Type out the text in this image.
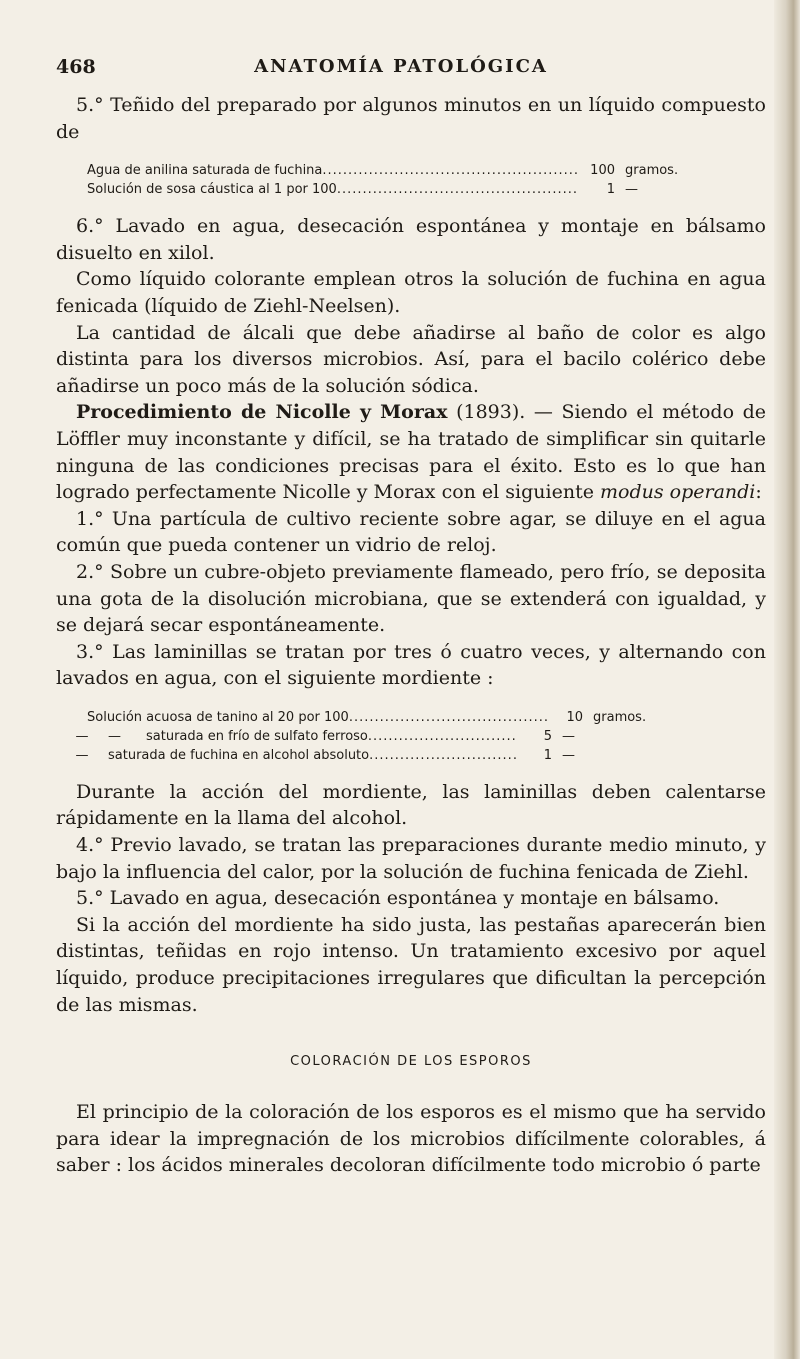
468	ANATOMÍA PATOLÓGICA

5.° Teñido del preparado por algunos minutos en un líquido compuesto de

Agua de anilina saturada de fuchina .....	100 gramos.
Solución de sosa cáustica al 1 por 100 .....	1 —

6.° Lavado en agua, desecación espontánea y montaje en bálsamo disuelto en xilol.

Como líquido colorante emplean otros la solución de fuchina en agua fenicada (líquido de Ziehl-Neelsen).

La cantidad de álcali que debe añadirse al baño de color es algo distinta para los diversos microbios. Así, para el bacilo colérico debe añadirse un poco más de la solución sódica.

Procedimiento de Nicolle y Morax (1893). — Siendo el método de Löffler muy inconstante y difícil, se ha tratado de simplificar sin quitarle ninguna de las condiciones precisas para el éxito. Esto es lo que han logrado perfectamente Nicolle y Morax con el siguiente modus operandi:

1.° Una partícula de cultivo reciente sobre agar, se diluye en el agua común que pueda contener un vidrio de reloj.

2.° Sobre un cubre-objeto previamente flameado, pero frío, se deposita una gota de la disolución microbiana, que se extenderá con igualdad, y se dejará secar espontáneamente.

3.° Las laminillas se tratan por tres ó cuatro veces, y alternando con lavados en agua, con el siguiente mordiente :

Solución acuosa de tanino al 20 por 100 .....	10 gramos.
—	—	saturada en frío de sulfato ferroso .....	5 —
—	saturada de fuchina en alcohol absoluto .....	1 —

Durante la acción del mordiente, las laminillas deben calentarse rápidamente en la llama del alcohol.

4.° Previo lavado, se tratan las preparaciones durante medio minuto, y bajo la influencia del calor, por la solución de fuchina fenicada de Ziehl.

5.° Lavado en agua, desecación espontánea y montaje en bálsamo.

Si la acción del mordiente ha sido justa, las pestañas aparecerán bien distintas, teñidas en rojo intenso. Un tratamiento excesivo por aquel líquido, produce precipitaciones irregulares que dificultan la percepción de las mismas.

COLORACIÓN DE LOS ESPOROS

El principio de la coloración de los esporos es el mismo que ha servido para idear la impregnación de los microbios difícilmente colorables, á saber : los ácidos minerales decoloran difícilmente todo microbio ó parte
